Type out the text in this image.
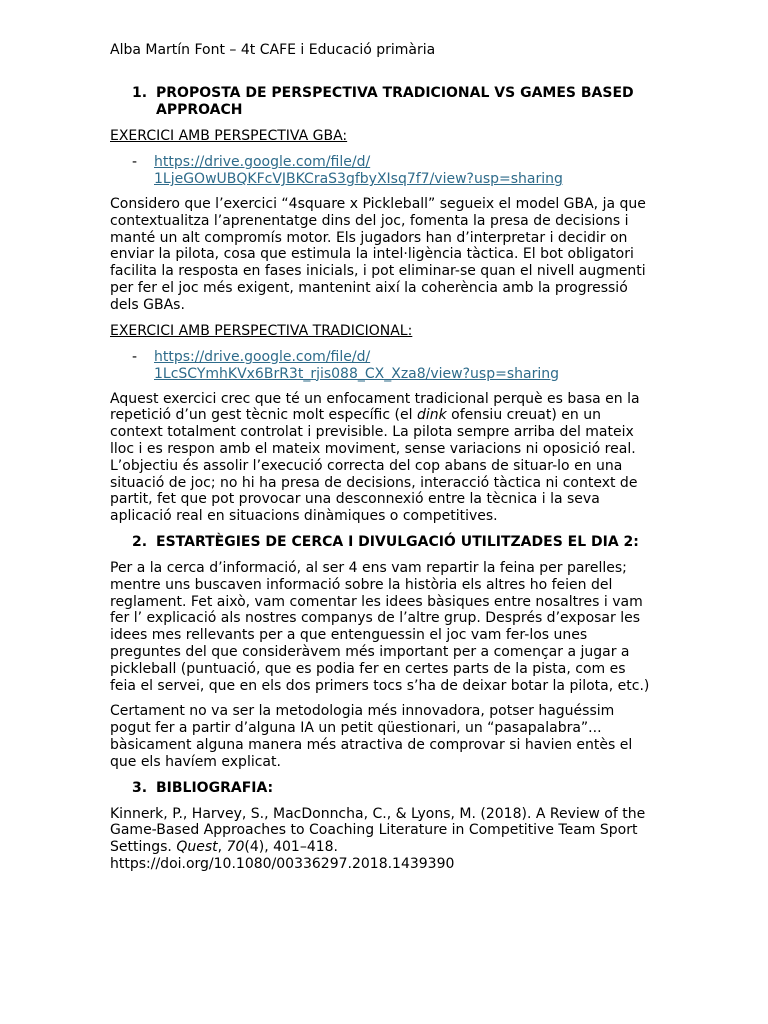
Alba Martín Font – 4t CAFE i Educació primària
1. PROPOSTA DE PERSPECTIVA TRADICIONAL VS GAMES BASED
APPROACH
EXERCICI AMB PERSPECTIVA GBA:
-	https://drive.google.com/file/d/
1LjeGOwUBQKFcVJBKCraS3gfbyXIsq7f7/view?usp=sharing
Considero que l’exercici “4square x Pickleball” segueix el model GBA, ja que
contextualitza l’aprenentatge dins del joc, fomenta la presa de decisions i
manté un alt compromís motor. Els jugadors han d’interpretar i decidir on
enviar la pilota, cosa que estimula la intel·ligència tàctica. El bot obligatori
facilita la resposta en fases inicials, i pot eliminar-se quan el nivell augmenti
per fer el joc més exigent, mantenint així la coherència amb la progressió
dels GBAs.
EXERCICI AMB PERSPECTIVA TRADICIONAL:
-	https://drive.google.com/file/d/
1LcSCYmhKVx6BrR3t_rjis088_CX_Xza8/view?usp=sharing
Aquest exercici crec que té un enfocament tradicional perquè es basa en la
repetició d’un gest tècnic molt específic (el dink ofensiu creuat) en un
context totalment controlat i previsible. La pilota sempre arriba del mateix
lloc i es respon amb el mateix moviment, sense variacions ni oposició real.
L’objectiu és assolir l’execució correcta del cop abans de situar-lo en una
situació de joc; no hi ha presa de decisions, interacció tàctica ni context de
partit, fet que pot provocar una desconnexió entre la tècnica i la seva
aplicació real en situacions dinàmiques o competitives.
2. ESTARTÈGIES DE CERCA I DIVULGACIÓ UTILITZADES EL DIA 2:
Per a la cerca d’informació, al ser 4 ens vam repartir la feina per parelles;
mentre uns buscaven informació sobre la història els altres ho feien del
reglament. Fet això, vam comentar les idees bàsiques entre nosaltres i vam
fer l’ explicació als nostres companys de l’altre grup. Després d’exposar les
idees mes rellevants per a que entenguessin el joc vam fer-los unes
preguntes del que consideràvem més important per a començar a jugar a
pickleball (puntuació, que es podia fer en certes parts de la pista, com es
feia el servei, que en els dos primers tocs s’ha de deixar botar la pilota, etc.)
Certament no va ser la metodologia més innovadora, potser haguéssim
pogut fer a partir d’alguna IA un petit qüestionari, un “pasapalabra”...
bàsicament alguna manera més atractiva de comprovar si havien entès el
que els havíem explicat.
3. BIBLIOGRAFIA:
Kinnerk, P., Harvey, S., MacDonncha, C., & Lyons, M. (2018). A Review of the
Game-Based Approaches to Coaching Literature in Competitive Team Sport
Settings. Quest, 70(4), 401–418.
https://doi.org/10.1080/00336297.2018.1439390
